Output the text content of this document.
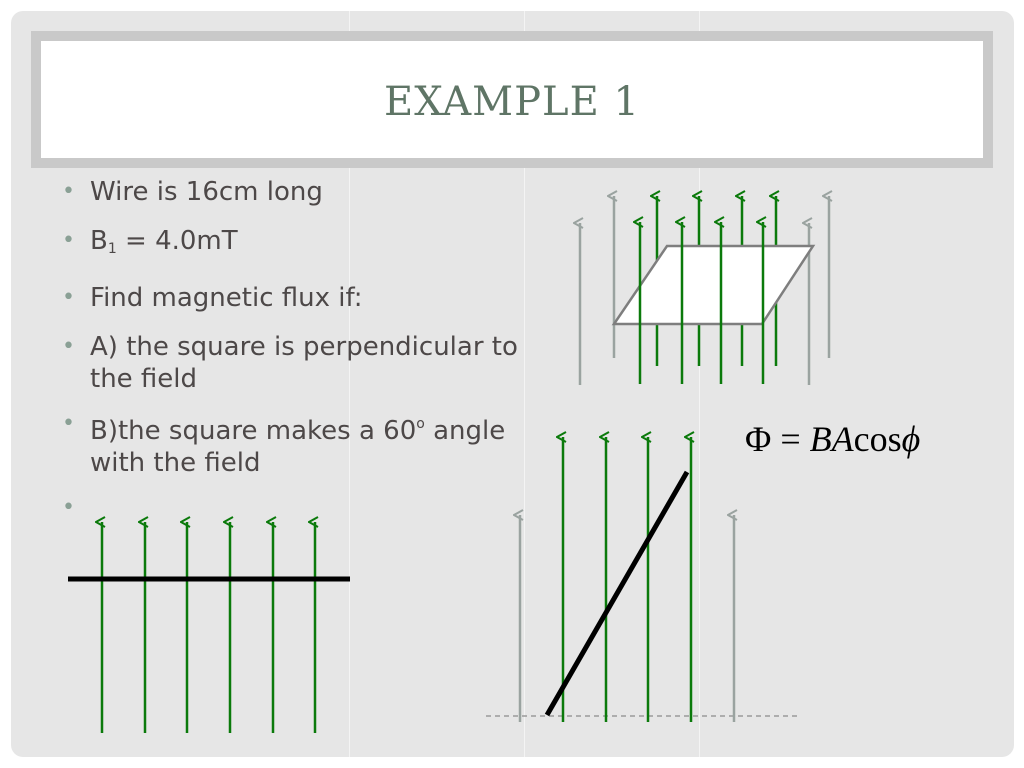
EXAMPLE 1
• Wire is 16cm long
• $B_1 = 4.0mT$
• Find magnetic flux if:
• A) the square is perpendicular to the field
• B)the square makes a 60$^o$ angle with the field
Φ = BAcosϕ
